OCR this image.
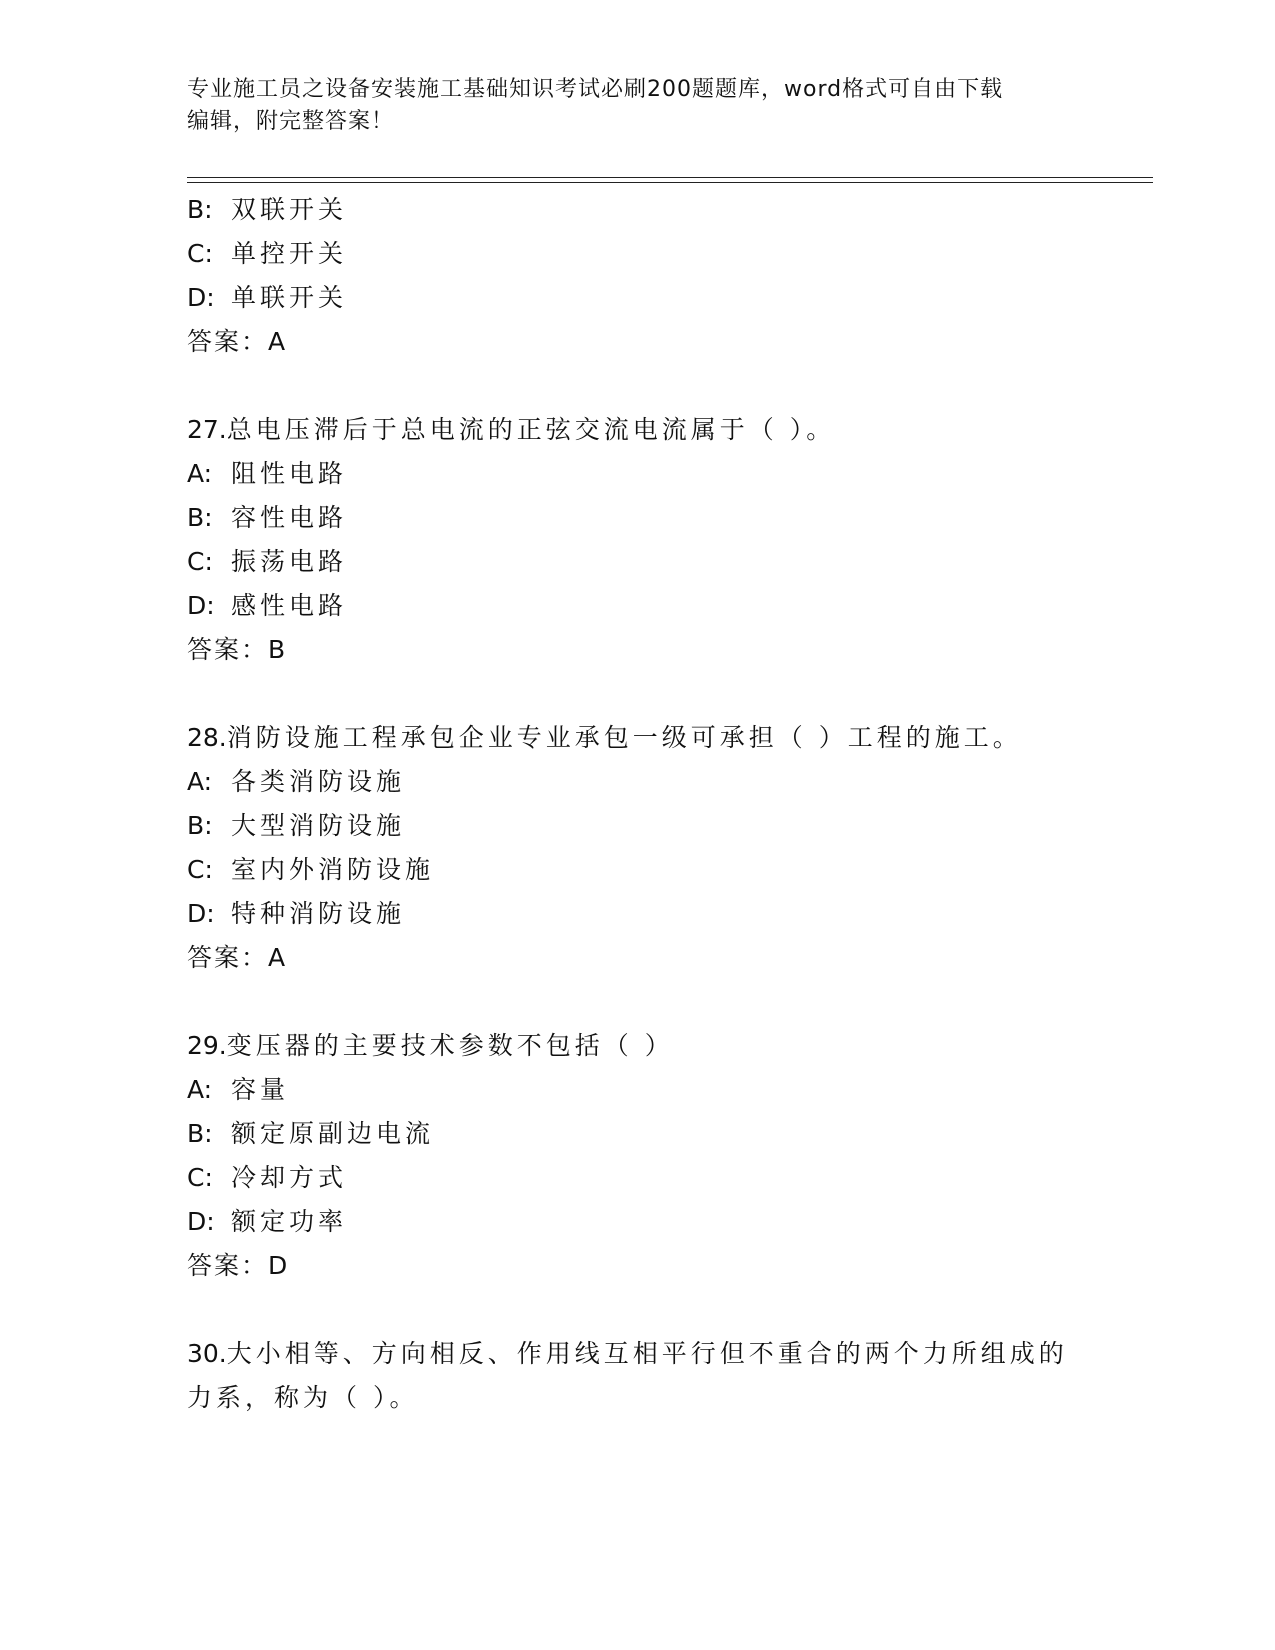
专业施工员之设备安装施工基础知识考试必刷200题题库，word格式可自由下载
编辑，附完整答案！
B: 双联开关
C: 单控开关
D: 单联开关
答案：A
27.总电压滞后于总电流的正弦交流电流属于（ ）。
A: 阻性电路
B: 容性电路
C: 振荡电路
D: 感性电路
答案：B
28.消防设施工程承包企业专业承包一级可承担（ ）工程的施工。
A: 各类消防设施
B: 大型消防设施
C: 室内外消防设施
D: 特种消防设施
答案：A
29.变压器的主要技术参数不包括（ ）
A: 容量
B: 额定原副边电流
C: 冷却方式
D: 额定功率
答案：D
30.大小相等、方向相反、作用线互相平行但不重合的两个力所组成的
力系，称为（ ）。
